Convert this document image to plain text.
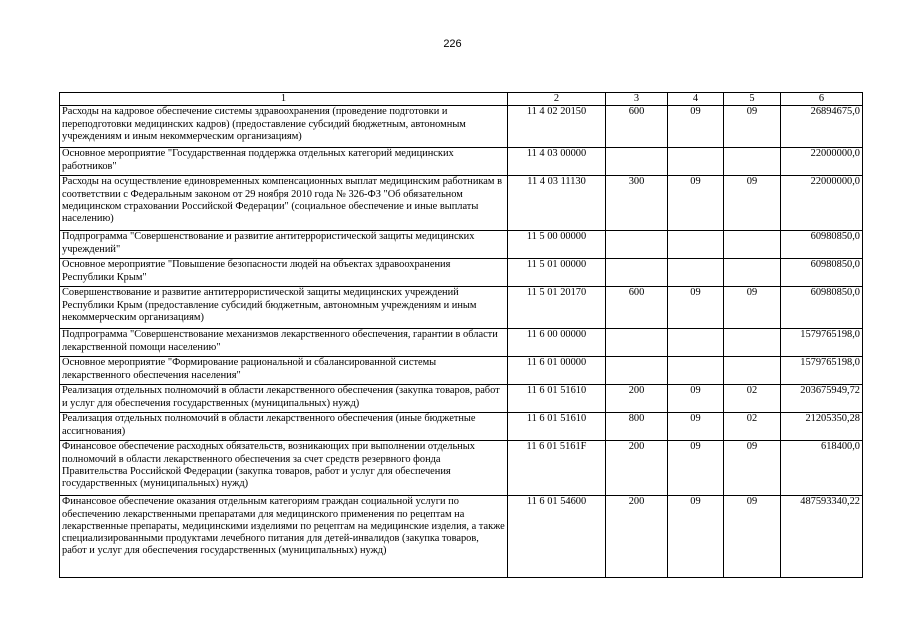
226
1	2	3	4	5	6
Расходы на кадровое обеспечение системы здравоохранения (проведение подготовки и переподготовки медицинских кадров) (предоставление субсидий бюджетным, автономным учреждениям и иным некоммерческим организациям)	11 4 02 20150	600	09	09	26894675,0
Основное мероприятие "Государственная поддержка отдельных категорий медицинских работников"	11 4 03 00000				22000000,0
Расходы на осуществление единовременных компенсационных выплат медицинским работникам в соответствии с Федеральным законом от 29 ноября 2010 года № 326-ФЗ "Об обязательном медицинском страховании Российской Федерации" (социальное обеспечение и иные выплаты населению)	11 4 03 11130	300	09	09	22000000,0
Подпрограмма "Совершенствование и развитие антитеррористической защиты медицинских учреждений"	11 5 00 00000				60980850,0
Основное мероприятие "Повышение безопасности людей на объектах здравоохранения Республики Крым"	11 5 01 00000				60980850,0
Совершенствование и развитие антитеррористической защиты медицинских учреждений Республики Крым (предоставление субсидий бюджетным, автономным учреждениям и иным некоммерческим организациям)	11 5 01 20170	600	09	09	60980850,0
Подпрограмма "Совершенствование механизмов лекарственного обеспечения, гарантии в области лекарственной помощи населению"	11 6 00 00000				1579765198,0
Основное мероприятие "Формирование рациональной и сбалансированной системы лекарственного обеспечения населения"	11 6 01 00000				1579765198,0
Реализация отдельных полномочий в области лекарственного обеспечения (закупка товаров, работ и услуг для обеспечения государственных (муниципальных) нужд)	11 6 01 51610	200	09	02	203675949,72
Реализация отдельных полномочий в области лекарственного обеспечения (иные бюджетные ассигнования)	11 6 01 51610	800	09	02	21205350,28
Финансовое обеспечение расходных обязательств, возникающих при выполнении отдельных полномочий в области лекарственного обеспечения за счет средств резервного фонда Правительства Российской Федерации (закупка товаров, работ и услуг для обеспечения государственных (муниципальных) нужд)	11 6 01 5161F	200	09	09	618400,0
Финансовое обеспечение оказания отдельным категориям граждан социальной услуги по обеспечению лекарственными препаратами для медицинского применения по рецептам на лекарственные препараты, медицинскими изделиями по рецептам на медицинские изделия, а также специализированными продуктами лечебного питания для детей-инвалидов (закупка товаров, работ и услуг для обеспечения государственных (муниципальных) нужд)	11 6 01 54600	200	09	09	487593340,22
